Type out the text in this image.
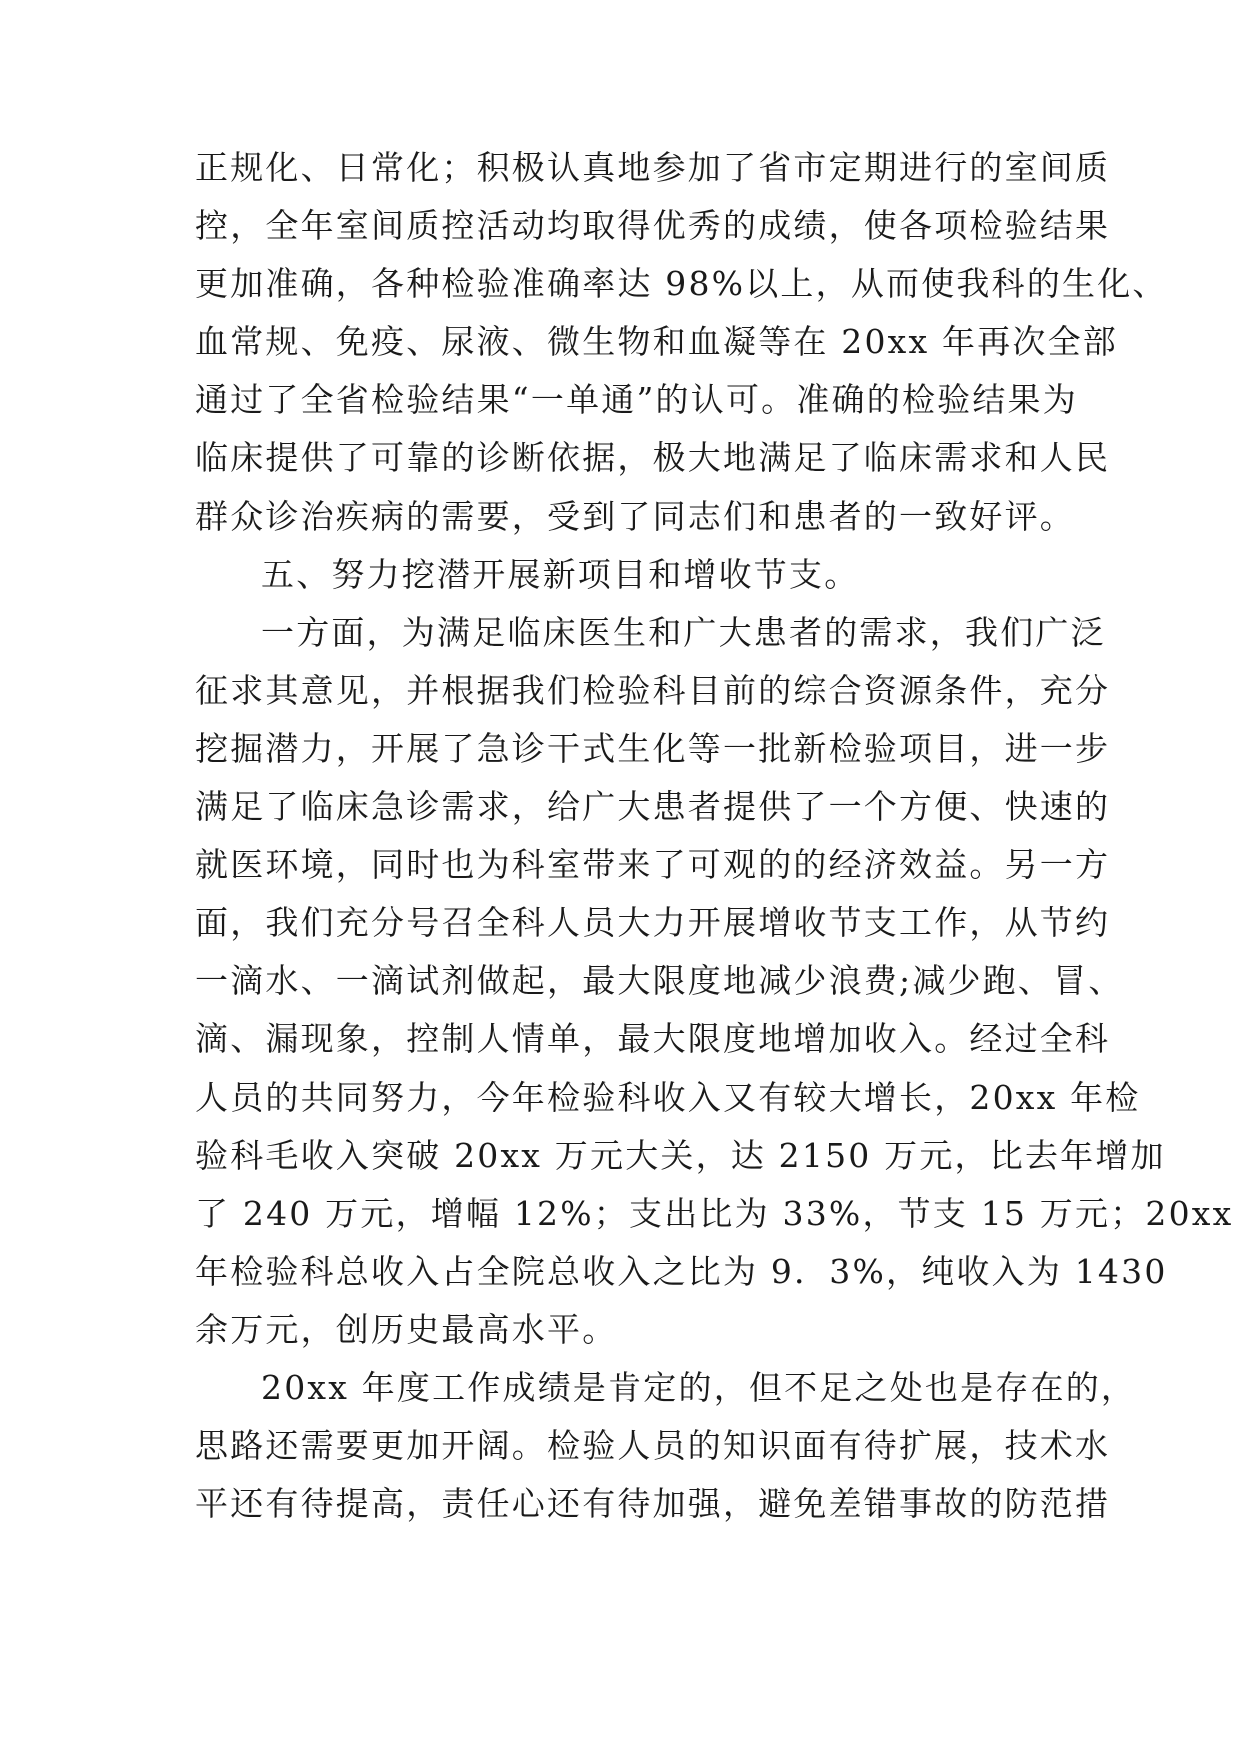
正规化、日常化；积极认真地参加了省市定期进行的室间质
控，全年室间质控活动均取得优秀的成绩，使各项检验结果
更加准确，各种检验准确率达 98%以上，从而使我科的生化、
血常规、免疫、尿液、微生物和血凝等在 20xx 年再次全部
通过了全省检验结果“一单通”的认可。准确的检验结果为
临床提供了可靠的诊断依据，极大地满足了临床需求和人民
群众诊治疾病的需要，受到了同志们和患者的一致好评。
五、努力挖潜开展新项目和增收节支。
一方面，为满足临床医生和广大患者的需求，我们广泛
征求其意见，并根据我们检验科目前的综合资源条件，充分
挖掘潜力，开展了急诊干式生化等一批新检验项目，进一步
满足了临床急诊需求，给广大患者提供了一个方便、快速的
就医环境，同时也为科室带来了可观的的经济效益。另一方
面，我们充分号召全科人员大力开展增收节支工作，从节约
一滴水、一滴试剂做起，最大限度地减少浪费;减少跑、冒、
滴、漏现象，控制人情单，最大限度地增加收入。经过全科
人员的共同努力，今年检验科收入又有较大增长，20xx 年检
验科毛收入突破 20xx 万元大关，达 2150 万元，比去年增加
了 240 万元，增幅 12%；支出比为 33%，节支 15 万元；20xx
年检验科总收入占全院总收入之比为 9．3%，纯收入为 1430
余万元，创历史最高水平。
20xx 年度工作成绩是肯定的，但不足之处也是存在的，
思路还需要更加开阔。检验人员的知识面有待扩展，技术水
平还有待提高，责任心还有待加强，避免差错事故的防范措
